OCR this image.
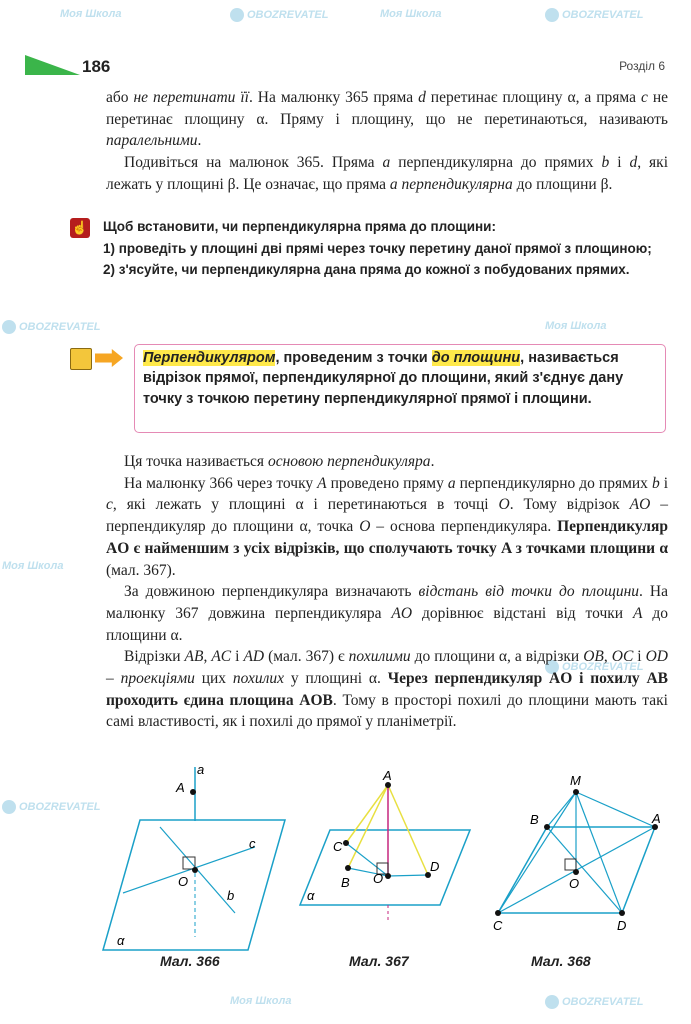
Моя Школа	OBOZREVATEL	Моя Школа	OBOZREVATEL
OBOZREVATEL	Моя Школа
Моя Школа
OBOZREVATEL
OBOZREVATEL
Моя Школа	OBOZREVATEL
186	Розділ 6

або не перетинати її. На малюнку 365 пряма d перетинає площину α, а пряма c не перетинає площину α. Пряму і площину, що не перетинаються, називають паралельними.

Подивіться на малюнок 365. Пряма a перпендикулярна до прямих b і d, які лежать у площині β. Це означає, що пряма a перпендикулярна до площини β.

☝ Щоб встановити, чи перпендикулярна пряма до площини:

1) проведіть у площині дві прямі через точку перетину даної прямої з площиною;

2) з'ясуйте, чи перпендикулярна дана пряма до кожної з побудованих прямих.

Перпендикуляром, проведеним з точки до площини, називається відрізок прямої, перпендикулярної до площини, який з'єднує дану точку з точкою перетину перпендикулярної прямої і площини.

Ця точка називається основою перпендикуляра.

На малюнку 366 через точку A проведено пряму a перпендикулярно до прямих b і c, які лежать у площині α і перетинаються в точці O. Тому відрізок AO – перпендикуляр до площини α, точка O – основа перпендикуляра. Перпендикуляр AO є найменшим з усіх відрізків, що сполучають точку A з точками площини α (мал. 367).

За довжиною перпендикуляра визначають відстань від точки до площини. На малюнку 367 довжина перпендикуляра AO дорівнює відстані від точки A до площини α.

Відрізки AB, AC і AD (мал. 367) є похилими до площини α, а відрізки OB, OC і OD – проекціями цих похилих у площині α. Через перпендикуляр AO і похилу AB проходить єдина площина AOB. Тому в просторі похилі до площини мають такі самі властивості, як і похилі до прямої у планіметрії.

a
A
c
O
b
α
A
C
B O
D
α
M
A
B
O
C	D
Мал. 366	Мал. 367	Мал. 368
